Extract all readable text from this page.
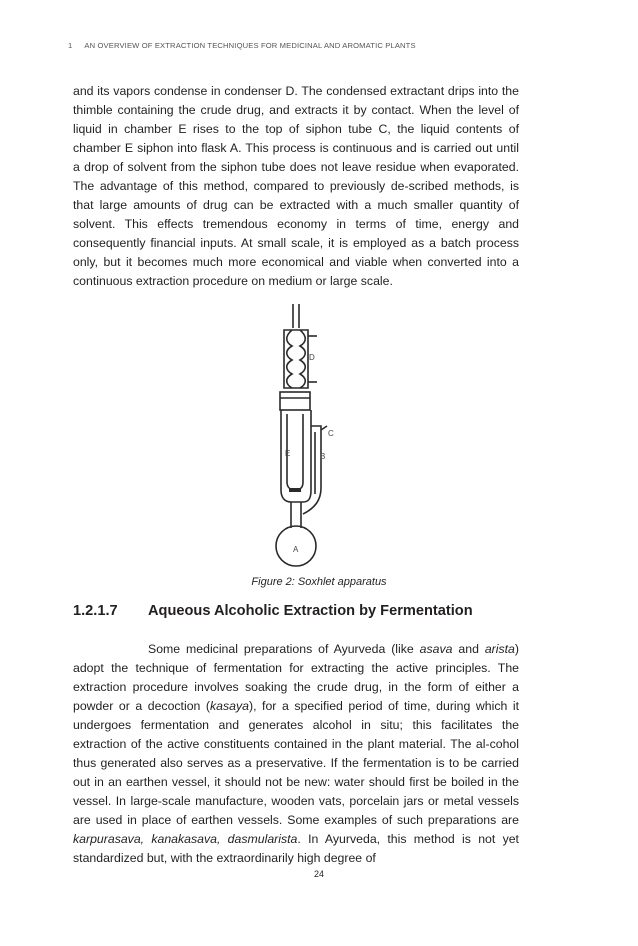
1 AN OVERVIEW OF EXTRACTION TECHNIQUES FOR MEDICINAL AND AROMATIC PLANTS

and its vapors condense in condenser D. The condensed extractant drips into the thimble containing the crude drug, and extracts it by contact. When the level of liquid in chamber E rises to the top of siphon tube C, the liquid contents of chamber E siphon into flask A. This process is continuous and is carried out until a drop of solvent from the siphon tube does not leave residue when evaporated. The advantage of this method, compared to previously de-scribed methods, is that large amounts of drug can be extracted with a much smaller quantity of solvent. This effects tremendous economy in terms of time, energy and consequently financial inputs. At small scale, it is employed as a batch process only, but it becomes much more economical and viable when converted into a continuous extraction procedure on medium or large scale.

D
C
B
E
A
Figure 2: Soxhlet apparatus
1.2.1.7 Aqueous Alcoholic Extraction by Fermentation

Some medicinal preparations of Ayurveda (like asava and arista) adopt the technique of fermentation for extracting the active principles. The extraction procedure involves soaking the crude drug, in the form of either a powder or a decoction (kasaya), for a specified period of time, during which it undergoes fermentation and generates alcohol in situ; this facilitates the extraction of the active constituents contained in the plant material. The al-cohol thus generated also serves as a preservative. If the fermentation is to be carried out in an earthen vessel, it should not be new: water should first be boiled in the vessel. In large-scale manufacture, wooden vats, porcelain jars or metal vessels are used in place of earthen vessels. Some examples of such preparations are karpurasava, kanakasava, dasmularista. In Ayurveda, this method is not yet standardized but, with the extraordinarily high degree of

24
